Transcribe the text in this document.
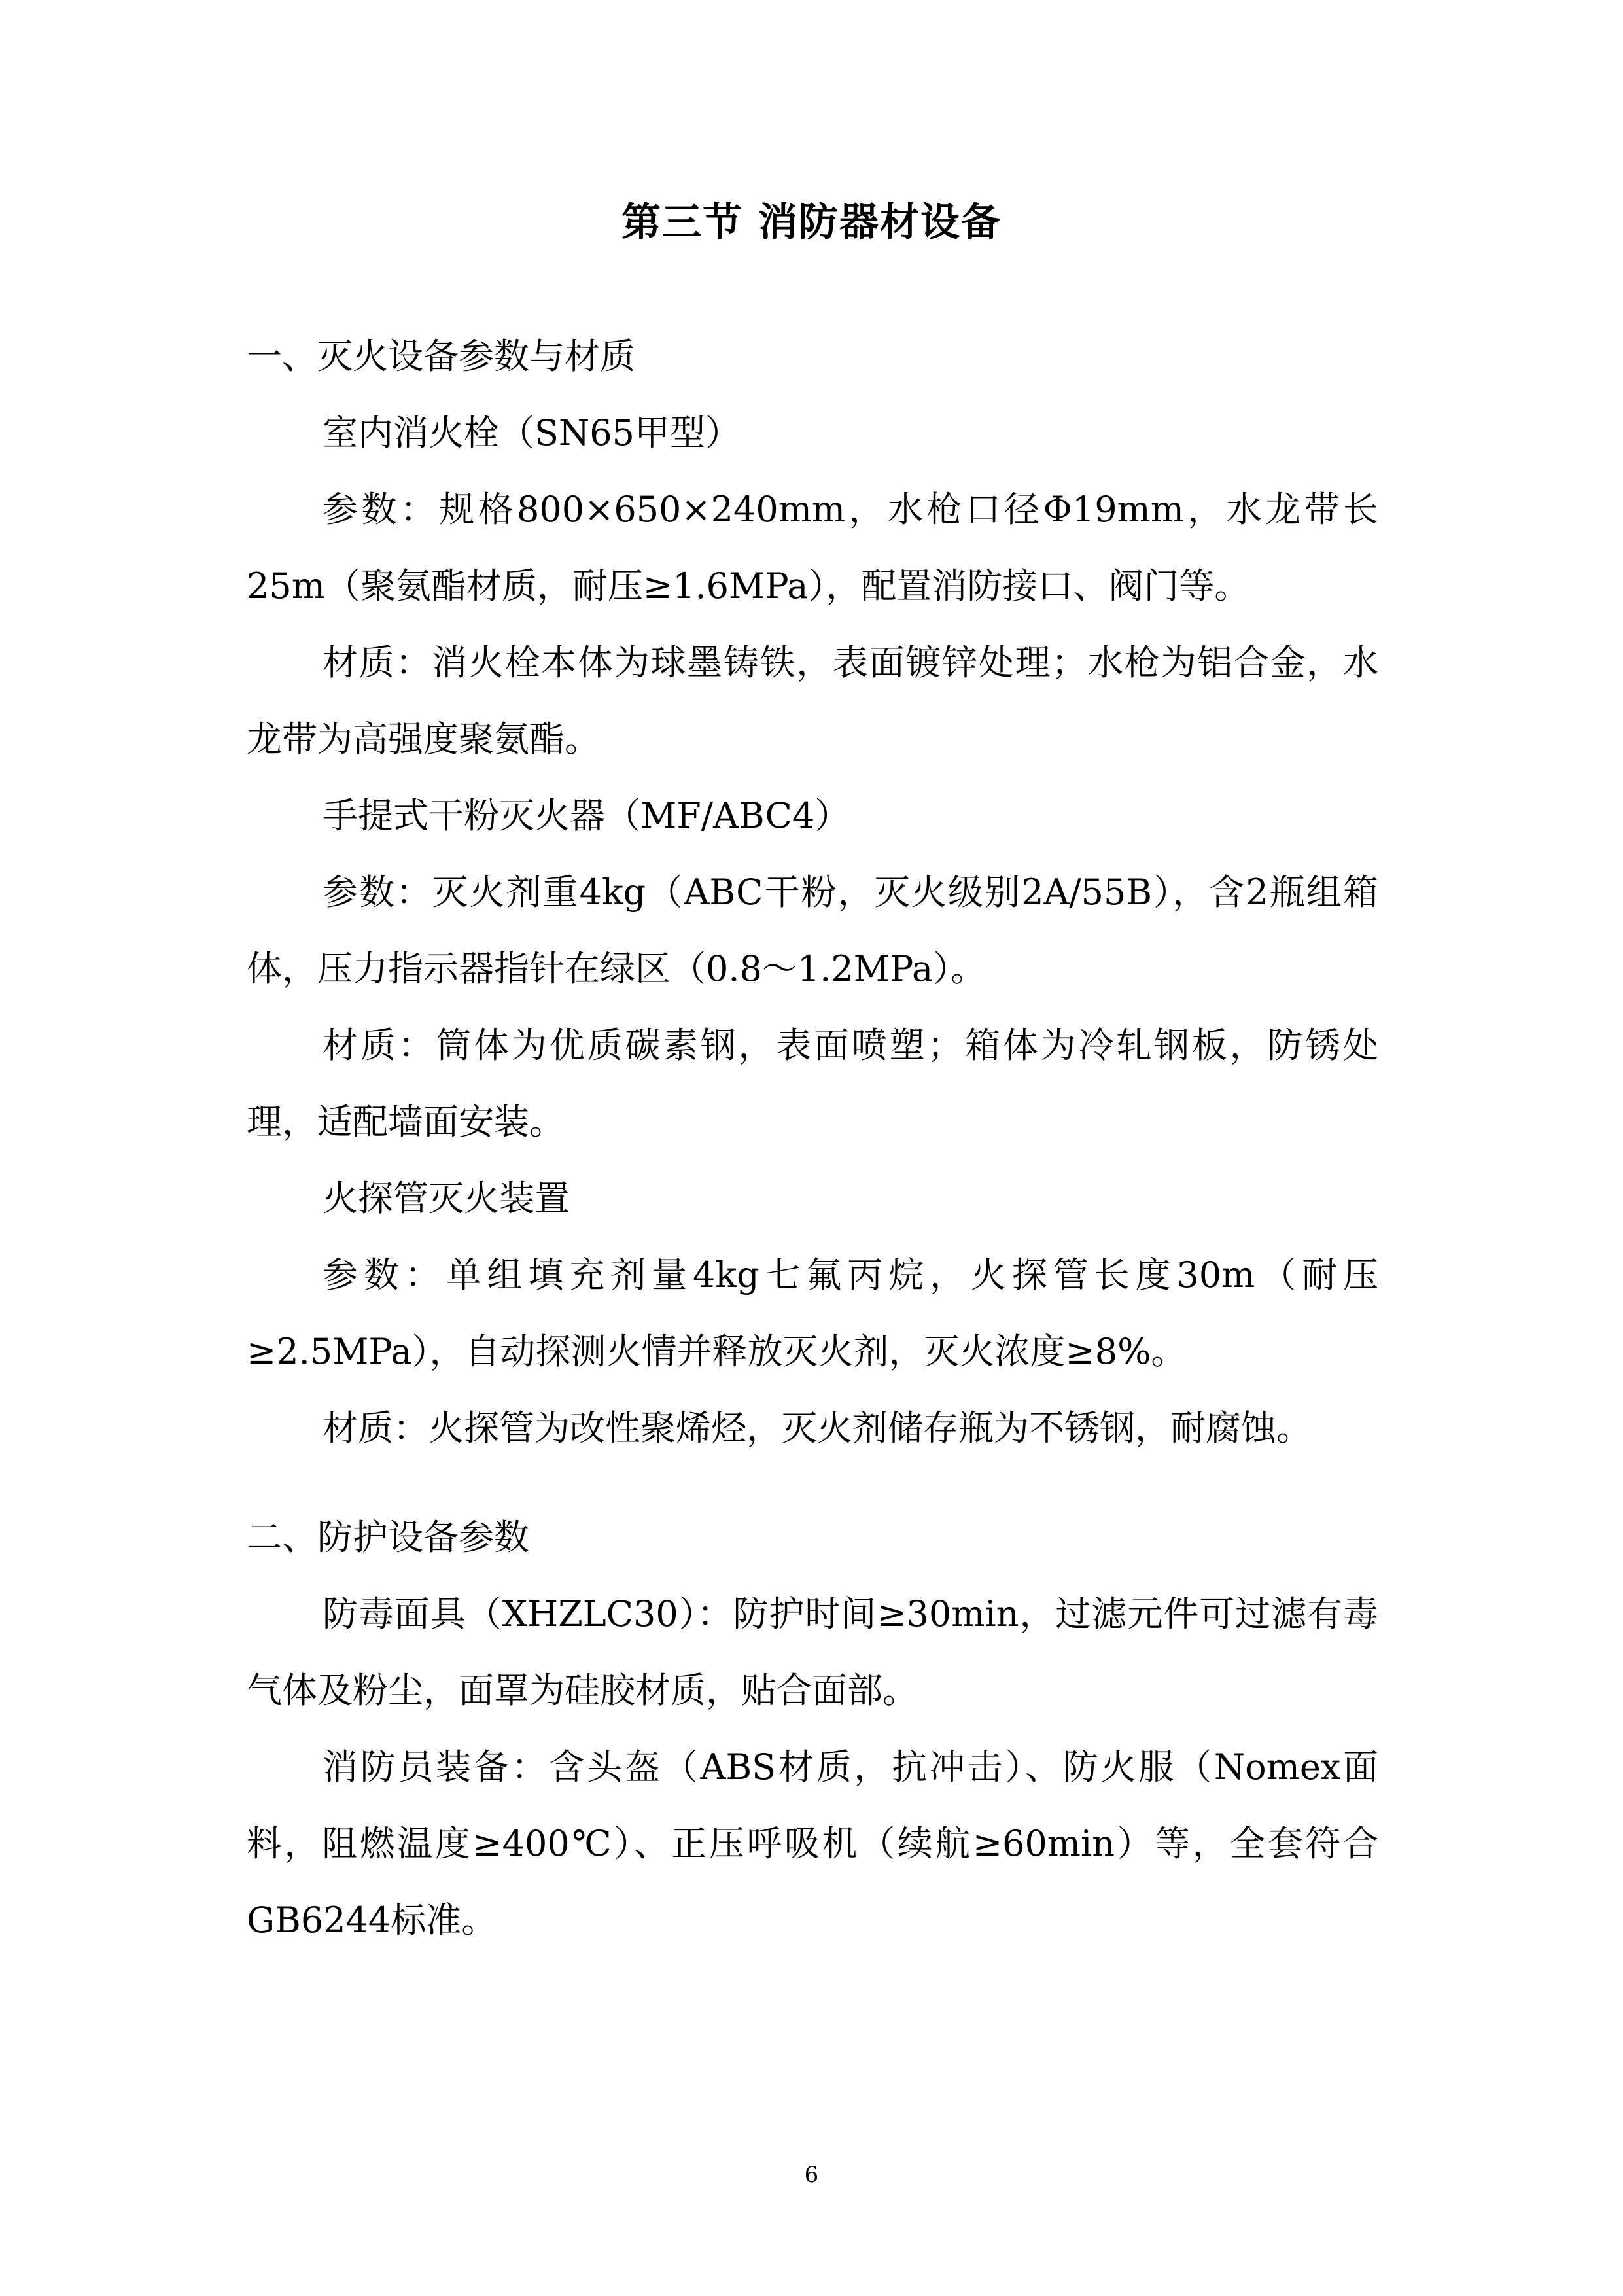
第三节 消防器材设备

一、灭火设备参数与材质

室内消火栓（SN65甲型）

参数：规格800×650×240mm，水枪口径Φ19mm，水龙带长25m（聚氨酯材质，耐压≥1.6MPa），配置消防接口、阀门等。

材质：消火栓本体为球墨铸铁，表面镀锌处理；水枪为铝合金，水龙带为高强度聚氨酯。

手提式干粉灭火器（MF/ABC4）

参数：灭火剂重4kg（ABC干粉，灭火级别2A/55B），含2瓶组箱体，压力指示器指针在绿区（0.8～1.2MPa）。

材质：筒体为优质碳素钢，表面喷塑；箱体为冷轧钢板，防锈处理，适配墙面安装。

火探管灭火装置

参数：单组填充剂量4kg七氟丙烷，火探管长度30m（耐压≥2.5MPa），自动探测火情并释放灭火剂，灭火浓度≥8%。

材质：火探管为改性聚烯烃，灭火剂储存瓶为不锈钢，耐腐蚀。

二、防护设备参数

防毒面具（XHZLC30）：防护时间≥30min，过滤元件可过滤有毒气体及粉尘，面罩为硅胶材质，贴合面部。

消防员装备：含头盔（ABS材质，抗冲击）、防火服（Nomex面料，阻燃温度≥400℃）、正压呼吸机（续航≥60min）等，全套符合GB6244标准。

6
